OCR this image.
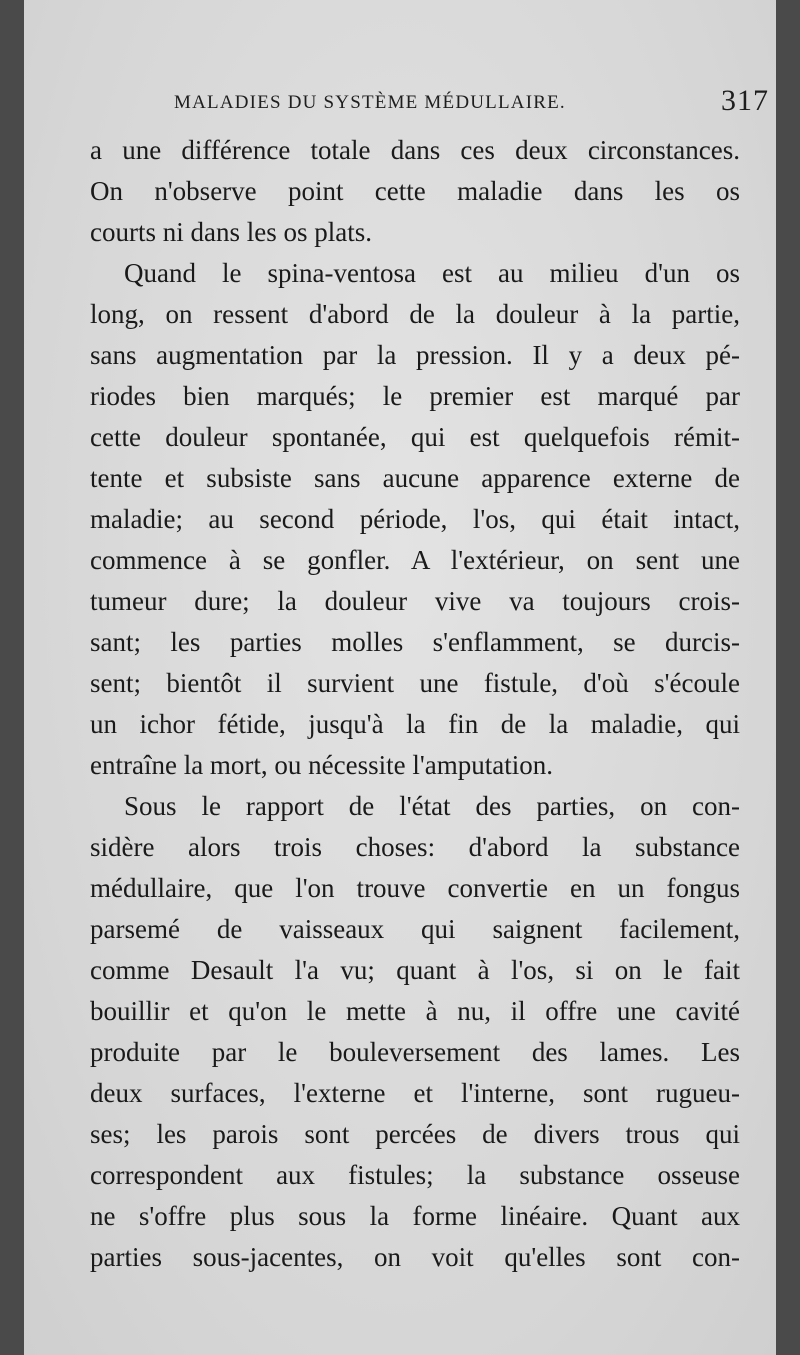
MALADIES DU SYSTÈME MÉDULLAIRE.	317
a une différence totale dans ces deux circonstances.
On n'observe point cette maladie dans les os
courts ni dans les os plats.
Quand le spina-ventosa est au milieu d'un os
long, on ressent d'abord de la douleur à la partie,
sans augmentation par la pression. Il y a deux pé-
riodes bien marqués; le premier est marqué par
cette douleur spontanée, qui est quelquefois rémit-
tente et subsiste sans aucune apparence externe de
maladie; au second période, l'os, qui était intact,
commence à se gonfler. A l'extérieur, on sent une
tumeur dure; la douleur vive va toujours crois-
sant; les parties molles s'enflamment, se durcis-
sent; bientôt il survient une fistule, d'où s'écoule
un ichor fétide, jusqu'à la fin de la maladie, qui
entraîne la mort, ou nécessite l'amputation.
Sous le rapport de l'état des parties, on con-
sidère alors trois choses: d'abord la substance
médullaire, que l'on trouve convertie en un fongus
parsemé de vaisseaux qui saignent facilement,
comme Desault l'a vu; quant à l'os, si on le fait
bouillir et qu'on le mette à nu, il offre une cavité
produite par le bouleversement des lames. Les
deux surfaces, l'externe et l'interne, sont rugueu-
ses; les parois sont percées de divers trous qui
correspondent aux fistules; la substance osseuse
ne s'offre plus sous la forme linéaire. Quant aux
parties sous-jacentes, on voit qu'elles sont con-
